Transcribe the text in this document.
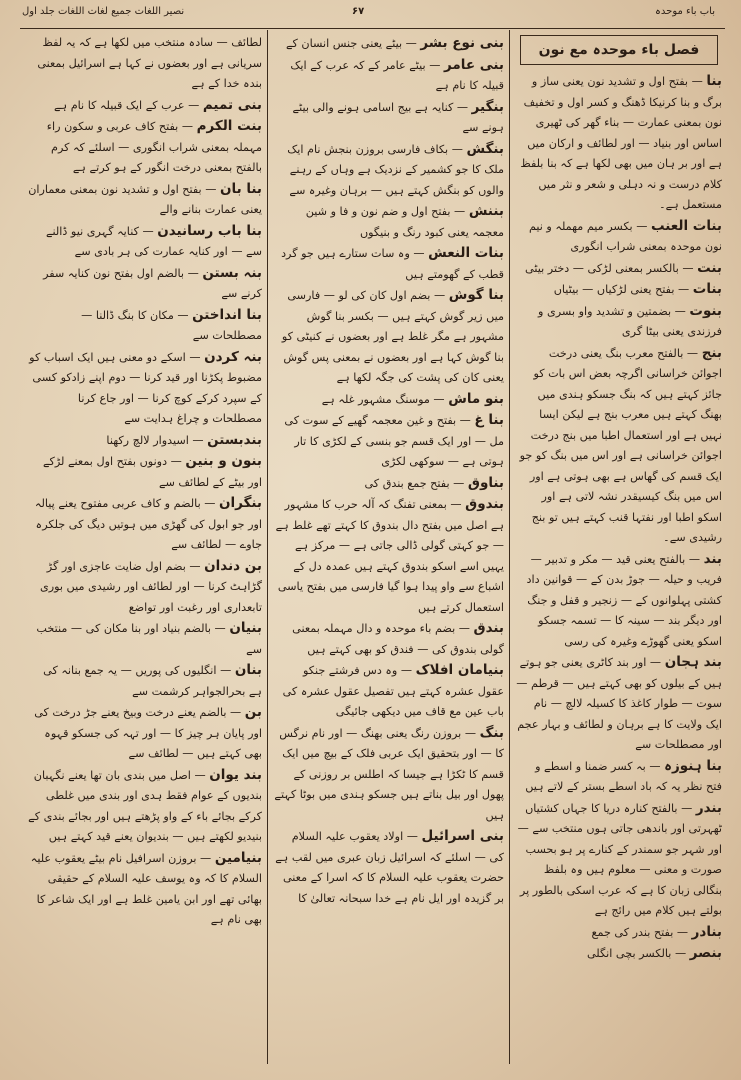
نصیر اللغات جمیع لغات اللغات جلد اول	۶۷	باب باء موحدہ
فصل باء موحدہ مع نون
بنا — بفتح اول و تشدید نون یعنی ساز و برگ و بنا کرنیکا ڈھنگ و کسر اول و تخفیف نون بمعنی عمارت — بناء گھر کی ٹھیری اساس اور بنیاد — اور لطائف و ارکان میں ہے اور بر ہان میں بھی لکھا ہے کہ بنا بلفظ کلام درست و نہ دہلی و شعر و نثر میں مستعمل ہے۔
بنات العنب — بکسر میم مهملہ و نیم نون موحدہ بمعنی شراب انگوری
بنت — بالکسر بمعنی لڑکی — دختر بیٹی
بنات — بفتح یعنی لڑکیاں — بیٹیاں
بنوت — بضمتین و تشدید واو بسری و فرزندی یعنی بیٹا گری
بنج — بالفتح معرب بنگ یعنی درخت اجوائن خراسانی اگرچہ بعض اس بات کو جائز کہتے ہیں کہ بنگ جسکو ہندی میں بھنگ کہتے ہیں معرب بنج ہے لیکن ایسا نہیں ہے اور استعمال اطبا میں بنج درخت اجوائن خراسانی ہے اور اس میں بنگ کو جو ایک قسم کی گھاس ہے بھی ہوتی ہے اور اس میں بنگ کیسیقدر نشہ لاتی ہے اور اسکو اطبا اور نفتہا قنب کہتے ہیں تو بنج رشیدی سے۔
بند — بالفتح یعنی قید — مکر و تدبیر — فریب و حیلہ — جوڑ بدن کے — قوانین داد کشتی پہلوانوں کے — زنجیر و قفل و جنگ اور دیگر بند — سینہ کا — تسمہ جسکو اسکو یعنی گھوڑے وغیرہ کی رسی
بند ہجان — اور بند کاٹری یعنی جو ہوتے ہیں کے بیلوں کو بھی کہتے ہیں — قرطم — سوت — طوار کاغذ کا کسیلہ لالچ — نام ایک ولایت کا ہے برہان و لطائف و بہار عجم اور مصطلحات سے
بنا ہنوزہ — بہ کسر ضمنا و اسطے و فتح نظر یہ کہ باد اسطے بستر کے لاتے ہیں
بندر — بالفتح کنارہ دریا کا جہاں کشتیاں ٹھہرتی اور باندھی جاتی ہوں منتخب سے — اور شہر جو سمندر کے کنارے پر ہو بحسب صورت و معنی — معلوم ہیں وہ بلفظ بنگالی زبان کا ہے کہ عرب اسکی بالطور پر بولتے ہیں کلام میں رائج ہے
بنادر — بفتح بندر کی جمع
بنصر — بالکسر بچی انگلی
بنی نوع بشر — بیٹے یعنی جنس انسان کے
بنی عامر — بیٹے عامر کے کہ عرب کے ایک قبیلہ کا نام ہے
بنگیر — کنایہ ہے بیج اسامی ہونے والی بیٹے ہونے سے
بنگش — بکاف فارسی بروزن بنجش نام ایک ملک کا جو کشمیر کے نزدیک ہے وہاں کے رہنے والوں کو بنگش کہتے ہیں — برہان وغیرہ سے
بننش — بفتح اول و ضم نون و فا و شین معجمہ یعنی کبود رنگ و بنیگوں
بنات النعش — وہ سات ستارے ہیں جو گرد قطب کے گھومتے ہیں
بنا گوش — بضم اول کان کی لو — فارسی میں زیر گوش کہتے ہیں — بکسر بنا گوش مشہور ہے مگر غلط ہے اور بعضوں نے کنیٹی کو بنا گوش کہا ہے اور بعضوں نے بمعنی پس گوش یعنی کان کی پشت کی جگہ لکھا ہے
بنو ماش — موسنگ مشہور غلہ ہے
بنا غ — بفتح و غین معجمہ گھیے کے سوت کی مل — اور ایک قسم جو بنسی کے لکڑی کا تار ہوتی ہے — سوکھی لکڑی
بناوق — بفتح جمع بندق کی
بندوق — بمعنی تفنگ کہ آلہ حرب کا مشہور ہے اصل میں بفتح دال بندوق کا کہتے تھے غلط ہے — جو کہتی گولی ڈالی جاتی ہے — مرکز ہے یہیں اسے اسکو بندوق کہتے ہیں عمدہ دل کے اشباع سے واو پیدا ہوا گیا فارسی میں بفتح یاسی استعمال کرتے ہیں
بندق — بضم باء موحدہ و دال مہملہ بمعنی گولی بندوق کی — فندق کو بھی کہتے ہیں
بنیامان افلاک — وہ دس فرشتے جنکو عقول عشرہ کہتے ہیں تفصیل عقول عشرہ کی باب عین مع قاف میں دیکھی جائیگی
بنگ — بروزن رنگ یعنی بھنگ — اور نام نرگس کا — اور بتحقیق ایک عربی فلک کے بیچ میں ایک قسم کا ٹکڑا ہے جیسا کہ اطلس بر روزنی کے پھول اور بیل بناتے ہیں جسکو ہندی میں بوٹا کہتے ہیں
بنی اسرائیل — اولاد یعقوب علیہ السلام کی — اسلئے کہ اسرائیل زبان عبری میں لقب ہے حضرت یعقوب علیہ السلام کا کہ اسرا کے معنی بر گزیدہ اور ایل نام ہے خدا سبحانہ تعالیٰ کا
لطائف — سادہ منتخب میں لکھا ہے کہ یہ لفظ سریانی ہے اور بعضوں نے کہا ہے اسرائیل بمعنی بندہ خدا کے ہے
بنی تمیم — عرب کے ایک قبیلہ کا نام ہے
بنت الکرم — بفتح کاف عربی و سکون راء مہملہ بمعنی شراب انگوری — اسلئے کہ کرم بالفتح بمعنی درخت انگور کے ہو کرتے ہے
بنا بان — بفتح اول و تشدید نون بمعنی معماران یعنی عمارت بنانے والے
بنا باب رسانیدن — کنایہ گہری نیو ڈالنے سے — اور کنایہ عمارت کی ہر بادی سے
بنہ بستن — بالضم اول بفتح نون کنایہ سفر کرنے سے
بنا انداختن — مکان کا بنگ ڈالنا — مصطلحات سے
بنہ کردن — اسکے دو معنی ہیں ایک اسباب کو مضبوط پکڑنا اور قید کرنا — دوم اپنے زادکو کسی کے سپرد کرکے کوچ کرنا — اور جاع کرنا مصطلحات و چراغ ہدایت سے
بندبستن — اسیدوار لالچ رکھنا
بنون و بنین — دونوں بفتح اول بمعنے لڑکے اور بیٹے کے لطائف سے
بنگران — بالضم و کاف عربی مفتوح یعنے پیالہ اور جو ابول کی گھڑی میں ہوتیں دیگ کی جلکرہ جاوے — لطائف سے
بن دندان — بضم اول ضایت عاجزی اور گڑ گڑاہٹ کرنا — اور لطائف اور رشیدی میں بوری تابعداری اور رغبت اور تواضع
بنیان — بالضم بنیاد اور بنا مکان کی — منتخب سے
بنان — انگلیوں کی پوریں — یہ جمع بنانہ کی ہے بحرالجواہر کرشمت سے
بن — بالضم یعنے درخت وبیخ یعنے جڑ درخت کی اور پایان ہر چیز کا — اور تہہ کی جسکو قہوہ بھی کہتے ہیں — لطائف سے
بند یوان — اصل میں بندی بان تھا یعنے نگہبان بندیوں کے عوام فقط ہدی اور بندی میں غلطی کرکے بجائے باء کے واو پڑھتے ہیں اور بجائے بندی کے بنیدیو لکھتے ہیں — بندیوان یعنے قید کہتے ہیں
بنیامین — بروزن اسرافیل نام بیٹے یعقوب علیہ السلام کا کہ وہ یوسف علیہ السلام کے حقیقی بھائی تھے اور ابن یامین غلط ہے اور ایک شاعر کا بھی نام ہے
